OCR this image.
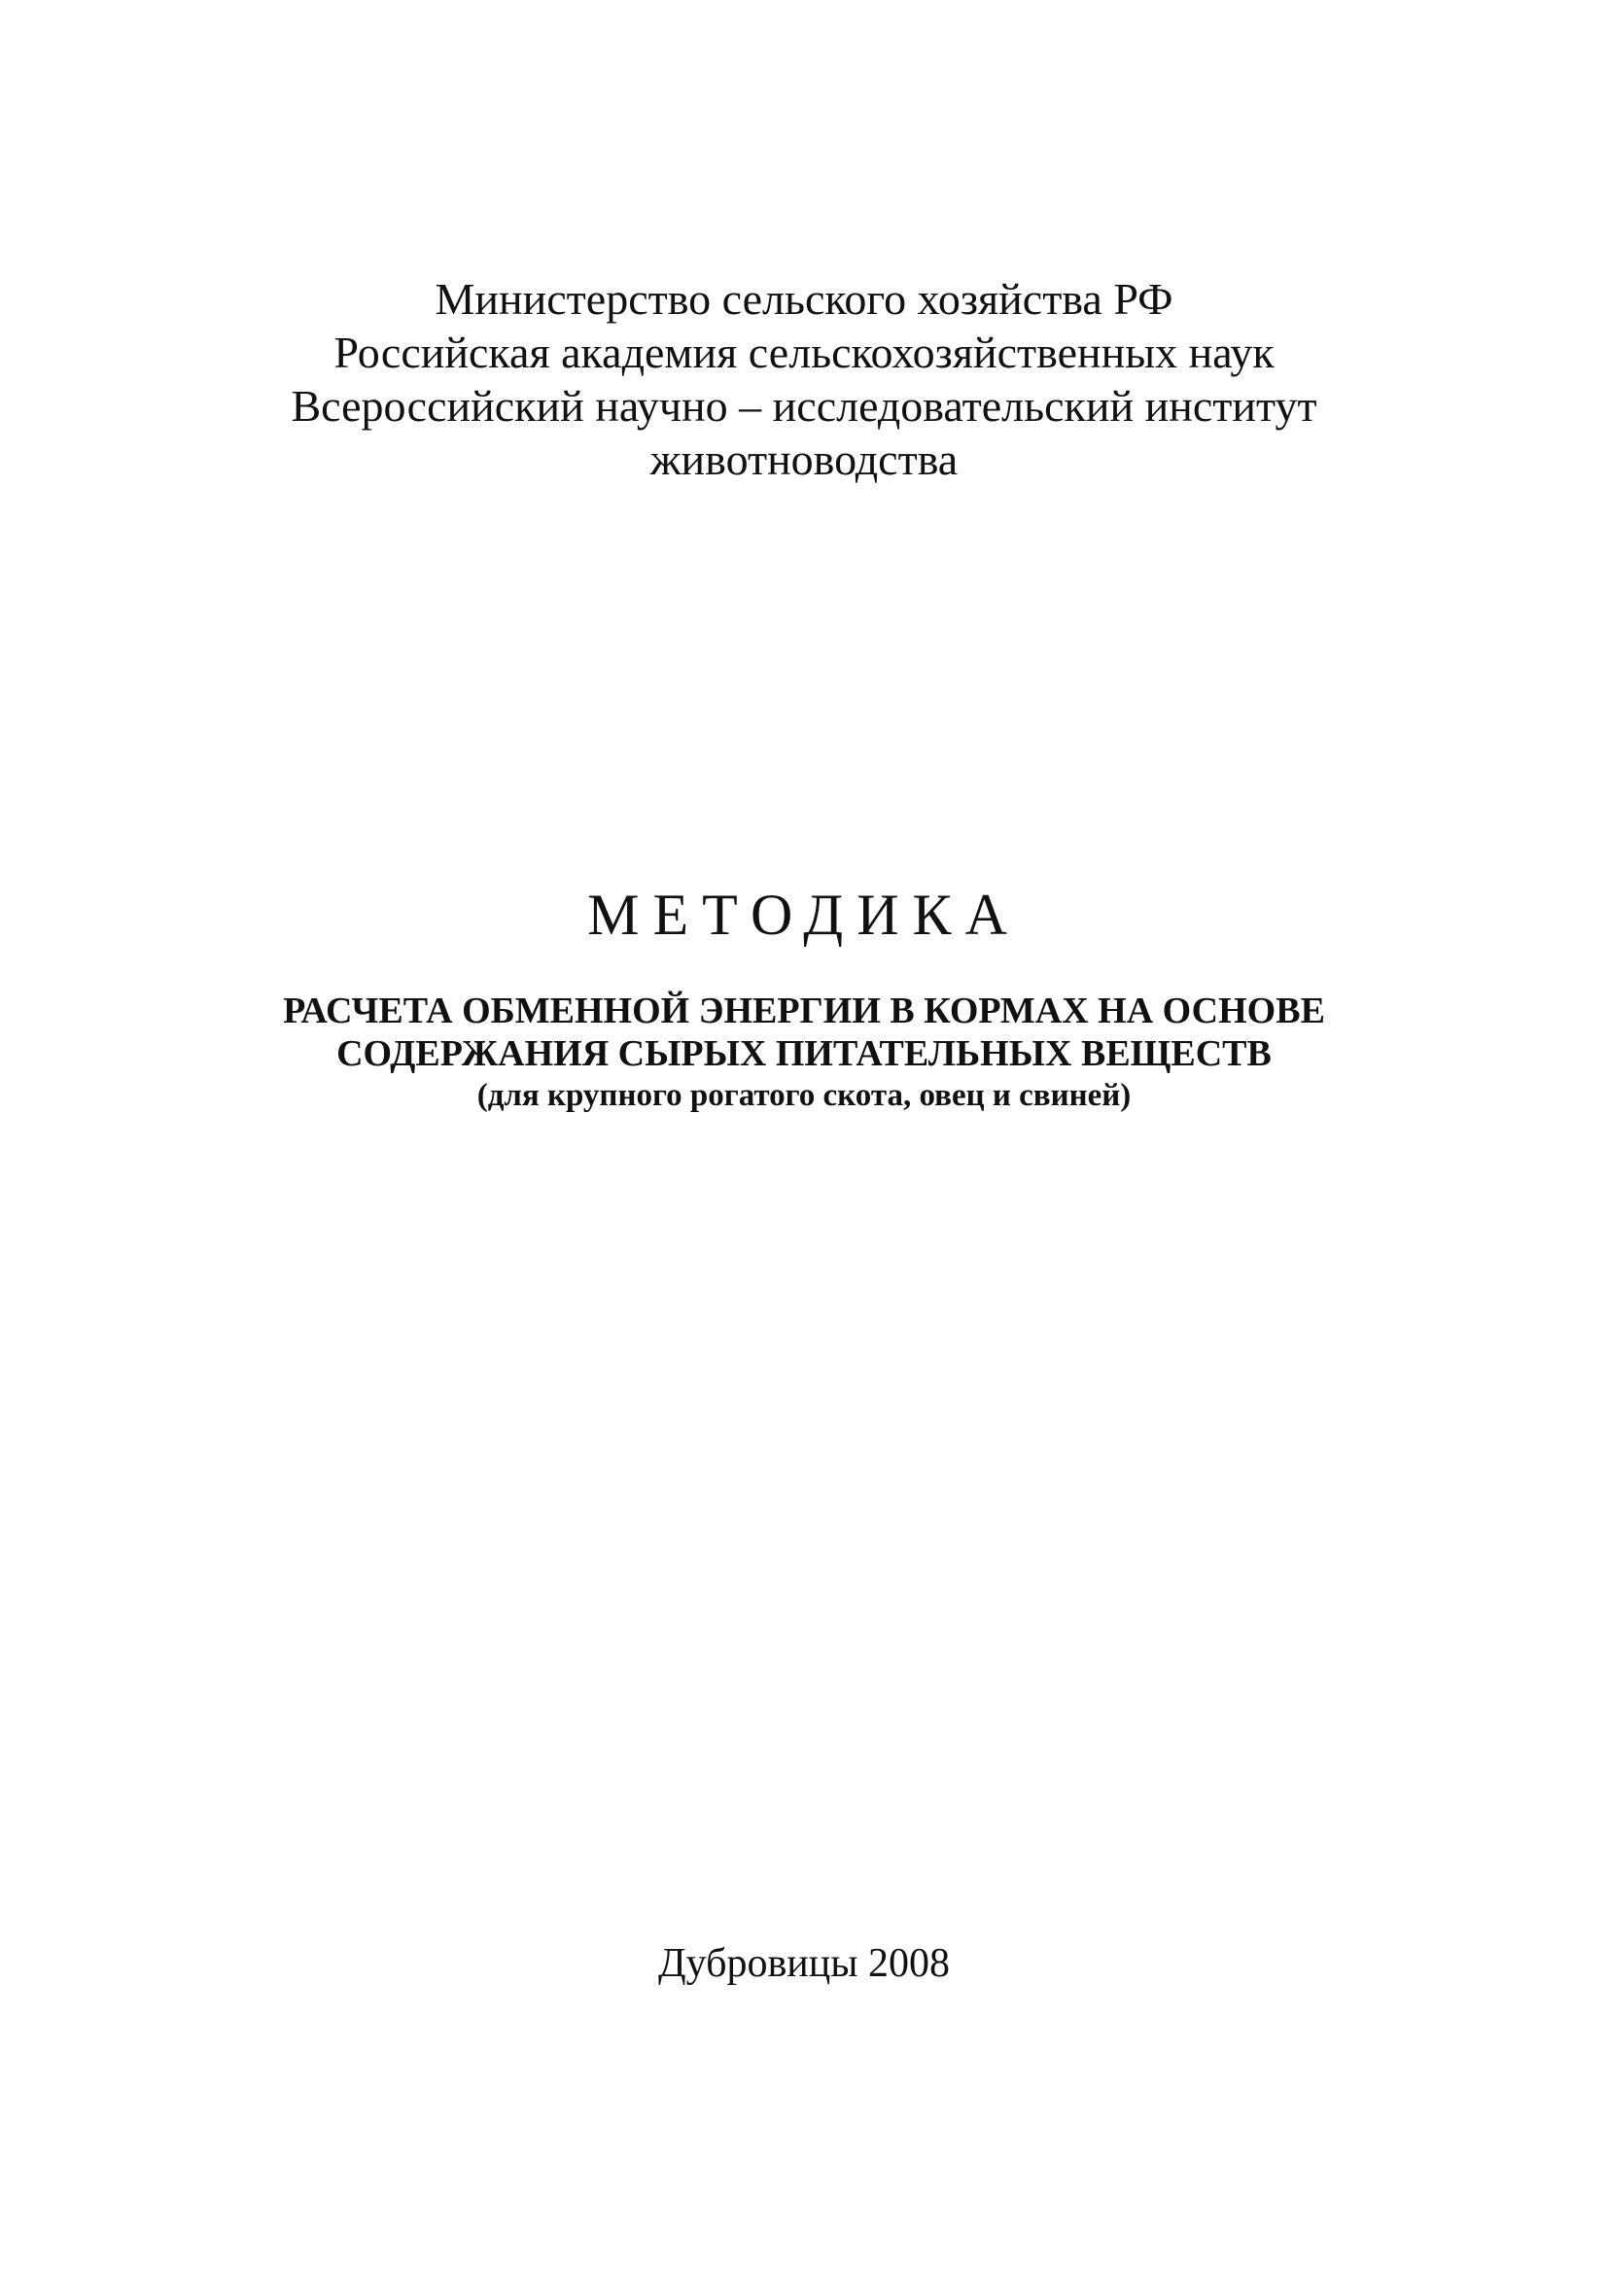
Министерство сельского хозяйства РФ
Российская академия сельскохозяйственных наук
Всероссийский научно – исследовательский институт
животноводства
МЕТОДИКА
РАСЧЕТА ОБМЕННОЙ ЭНЕРГИИ В КОРМАХ НА ОСНОВЕ
СОДЕРЖАНИЯ СЫРЫХ ПИТАТЕЛЬНЫХ ВЕЩЕСТВ
(для крупного рогатого скота, овец и свиней)
Дубровицы 2008
